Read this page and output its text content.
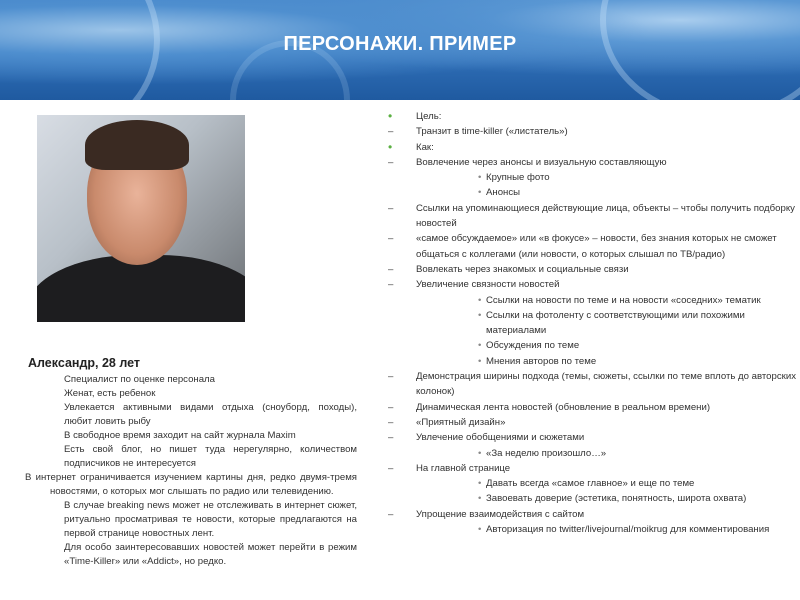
ПЕРСОНАЖИ. ПРИМЕР
Александр, 28 лет
Специалист по оценке персонала
Женат, есть ребенок
Увлекается активными видами отдыха (сноуборд, походы), любит ловить рыбу
В свободное время заходит на сайт журнала Maxim
Есть свой блог, но пишет туда нерегулярно, количеством подписчиков не интересуется
В интернет ограничивается изучением картины дня, редко двумя-тремя новостями, о которых мог слышать по радио или телевидению.
В случае breaking news может не отслеживать в интернет сюжет, ритуально просматривая те новости, которые предлагаются на первой странице новостных лент.
Для особо заинтересовавших новостей может перейти в режим «Time-Killer» или «Addict», но редко.
• Цель:
– Транзит в time-killer («листатель»)
• Как:
– Вовлечение через анонсы и визуальную составляющую
• Крупные фото
• Анонсы
– Ссылки на упоминающиеся действующие лица, объекты – чтобы получить подборку новостей
– «самое обсуждаемое» или «в фокусе» – новости, без знания которых не сможет общаться с коллегами (или новости, о которых слышал по ТВ/радио)
– Вовлекать через знакомых и социальные связи
– Увеличение связности новостей
• Ссылки на новости по теме и на новости «соседних» тематик
• Ссылки на фотоленту с соответствующими или похожими материалами
• Обсуждения по теме
• Мнения авторов по теме
– Демонстрация ширины подхода (темы, сюжеты, ссылки по теме вплоть до авторских колонок)
– Динамическая лента новостей (обновление в реальном времени)
– «Приятный дизайн»
– Увлечение обобщениями и сюжетами
• «За неделю произошло…»
– На главной странице
• Давать всегда «самое главное» и еще по теме
• Завоевать доверие (эстетика, понятность, широта охвата)
– Упрощение взаимодействия с сайтом
• Авторизация по twitter/livejournal/moikrug для комментирования
